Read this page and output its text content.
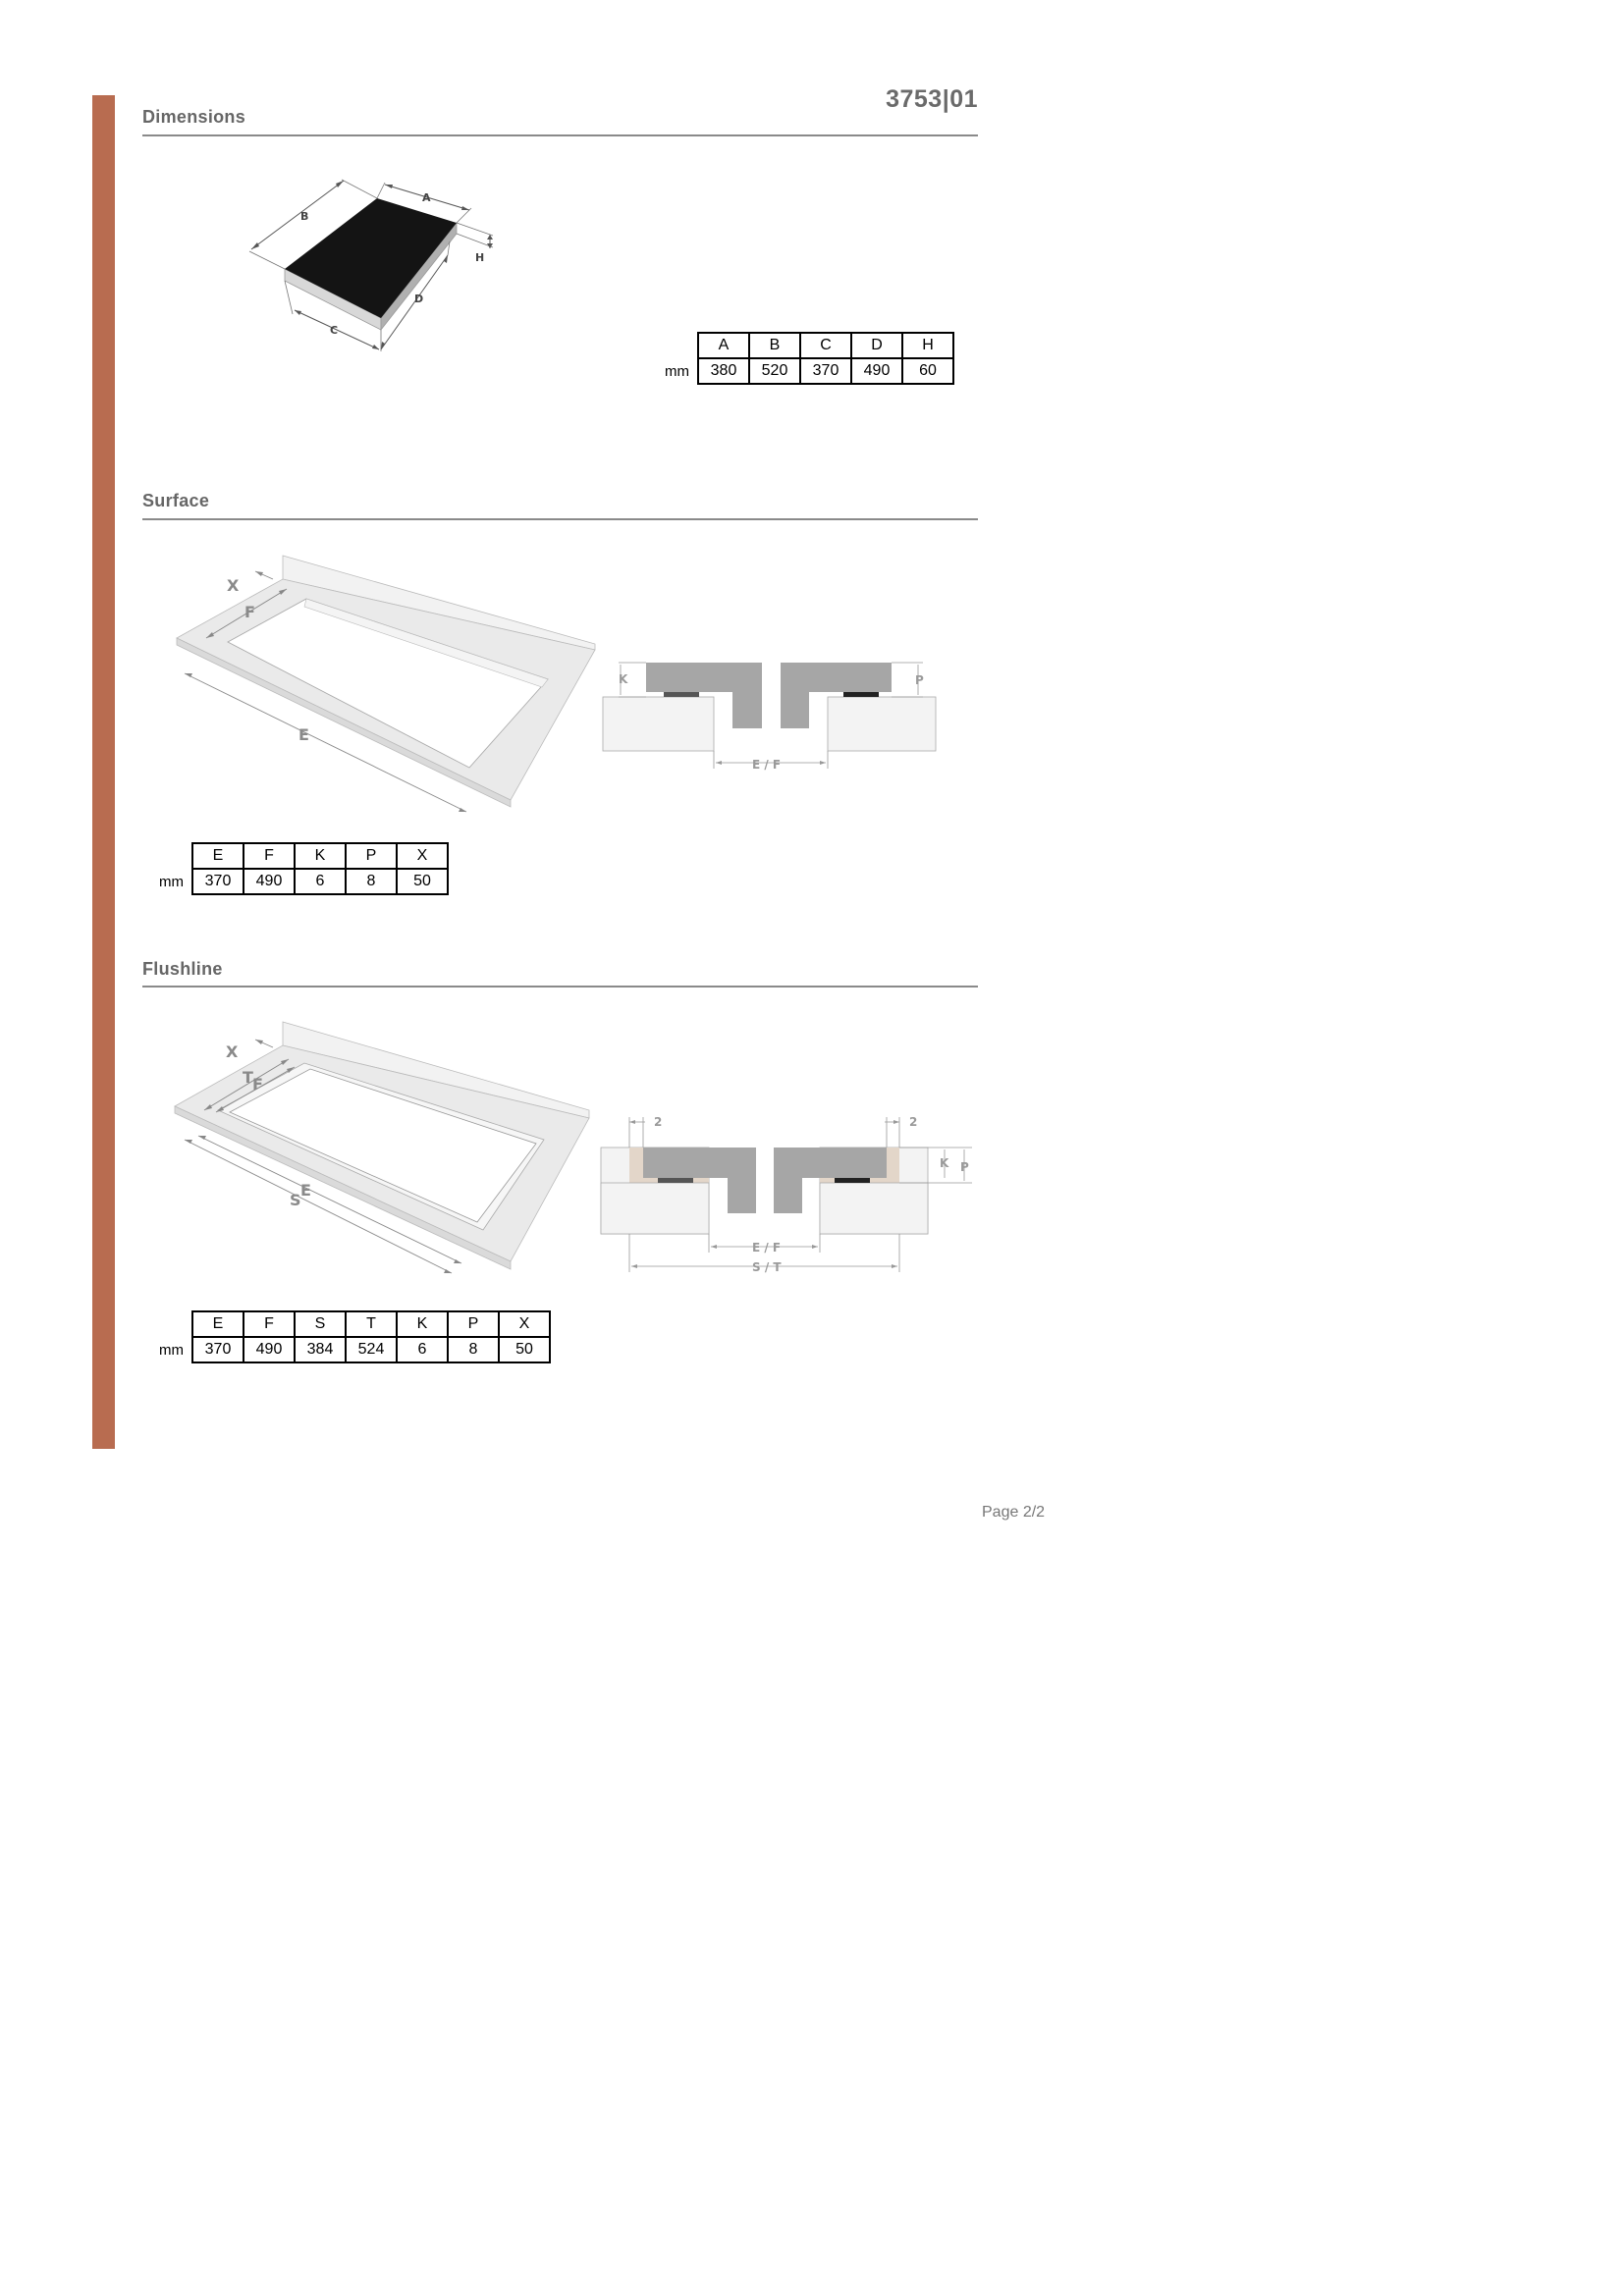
3753|01
Dimensions
B
A
H
D
C
	A	B	C	D	H
mm	380	520	370	490	60
Surface
X
F
E
K	P
E / F
	E	F	K	P	X
mm	370	490	6	8	50
Flushline
X
T F
S
E
2	2
K P
E / F
S / T
	E	F	S	T	K	P	X
mm	370	490	384	524	6	8	50
Page 2/2
